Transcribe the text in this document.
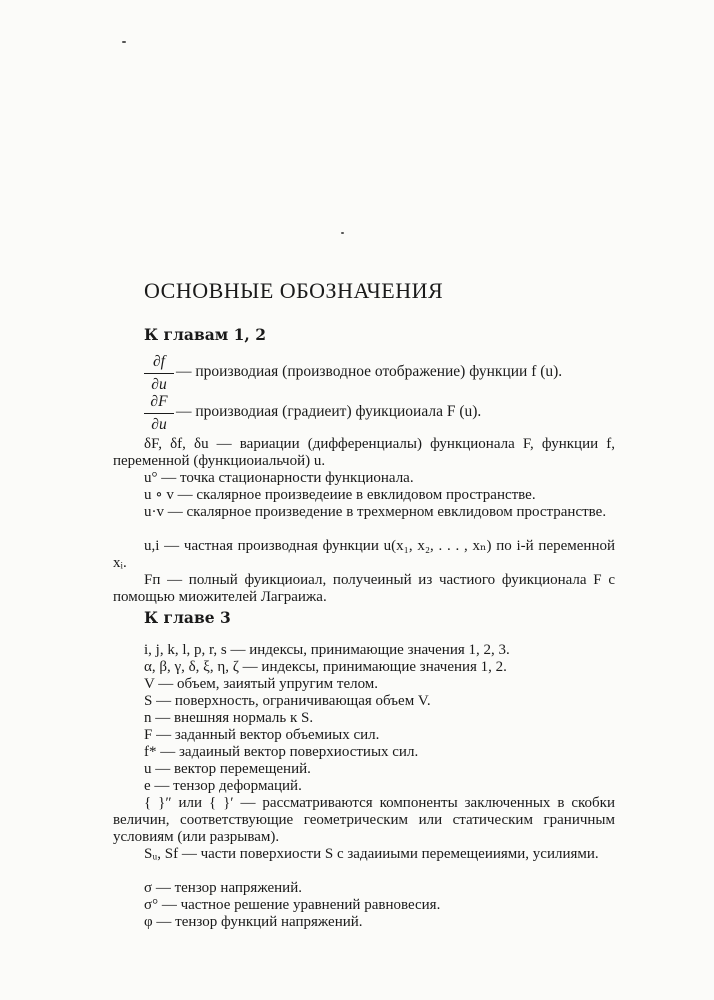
ОСНОВНЫЕ ОБОЗНАЧЕНИЯ
К главам 1, 2
∂f
∂u
— производиая (производное отображение) функции f (u).
∂F
∂u
— производиая (градиеит) фуикциоиала F (u).
δF, δf, δu — вариации (дифференциалы) функционала F, функции f, переменной (функциоиальчой) u.
u° — точка стационарности функционала.
u ∘ v — скалярное произведеиие в евклидовом пространстве.
u·v — скалярное произведение в трехмерном евклидовом пространстве.
u,i — частная производная функции u(x₁, x₂, . . . , xₙ) по i-й переменной xᵢ.
Fп — полный фуикциоиал, получеиный из частиого фуикционала F с помощью миожителей Лаграижа.
К главе 3
i, j, k, l, p, r, s — индексы, принимающие значения 1, 2, 3.
α, β, γ, δ, ξ, η, ζ — индексы, принимающие значения 1, 2.
V — объем, заиятый упругим телом.
S — поверхность, ограничивающая объем V.
n — внешняя нормаль к S.
F — заданный вектор объемиых сил.
f* — задаиный вектор поверхиостиых сил.
u — вектор перемещений.
e — тензор деформаций.
{ }″ или { }′ — рассматриваются компоненты заключенных в скобки величин, соответствующие геометрическим или статическим граничным условиям (или разрывам).
Sᵤ, Sf — части поверхиости S с задаииыми перемещеииями, усилиями.
σ — тензор напряжений.
σ° — частное решение уравнений равновесия.
φ — тензор функций напряжений.
